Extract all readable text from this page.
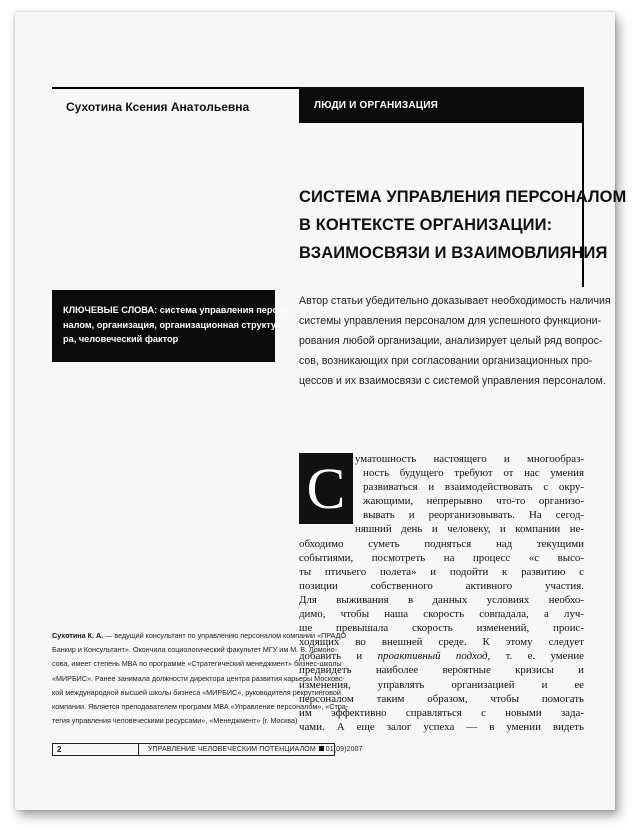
Сухотина Ксения Анатольевна	ЛЮДИ И ОРГАНИЗАЦИЯ
СИСТЕМА УПРАВЛЕНИЯ ПЕРСОНАЛОМ
В КОНТЕКСТЕ ОРГАНИЗАЦИИ:
ВЗАИМОСВЯЗИ И ВЗАИМОВЛИЯНИЯ
КЛЮЧЕВЫЕ СЛОВА: система управления персо-
налом, организация, организационная структу-
ра, человеческий фактор
Автор статьи убедительно доказывает необходимость наличия
системы управления персоналом для успешного функциони-
рования любой организации, анализирует целый ряд вопрос-
сов, возникающих при согласовании организационных про-
цессов и их взаимосвязи с системой управления персоналом.
С уматошность настоящего и многообраз-
ность будущего требуют от нас умения
развиваться и взаимодействовать с окру-
жающими, непрерывно что-то организо-
вывать и реорганизовывать. На сегод-
няшний день и человеку, и компании не-
обходимо суметь подняться над текущими
событиями, посмотреть на процесс «с высо-
ты птичьего полета» и подойти к развитию с
позиции собственного активного участия.
Для выживания в данных условиях необхо-
димо, чтобы наша скорость совпадала, а луч-
ше превышала скорость изменений, проис-
ходящих во внешней среде. К этому следует
добавить и проактивный подход, т. е. умение
предвидеть наиболее вероятные кризисы и
изменения, управлять организацией и ее
персоналом таким образом, чтобы помогать
им эффективно справляться с новыми зада-
чами. А еще залог успеха — в умении видеть
Сухотина К. А. — ведущий консультант по управлению персоналом компании «ПРАДО
Банкир и Консультант». Окончила социологический факультет МГУ им М. В. Ломоно-
сова, имеет степень МВА по программе «Стратегический менеджмент» бизнес-школы
«МИРБИС». Ранее занимала должности директора центра развития карьеры Московс-
кой международной высшей школы бизнеса «МИРБИС», руководителя рекрутинговой
компании. Является преподавателем программ МВА «Управление персоналом», «Стра-
тегия управления человеческими ресурсами», «Менеджмент» (г. Москва)
2	УПРАВЛЕНИЕ ЧЕЛОВЕЧЕСКИМ ПОТЕНЦИАЛОМ 01(09)2007
